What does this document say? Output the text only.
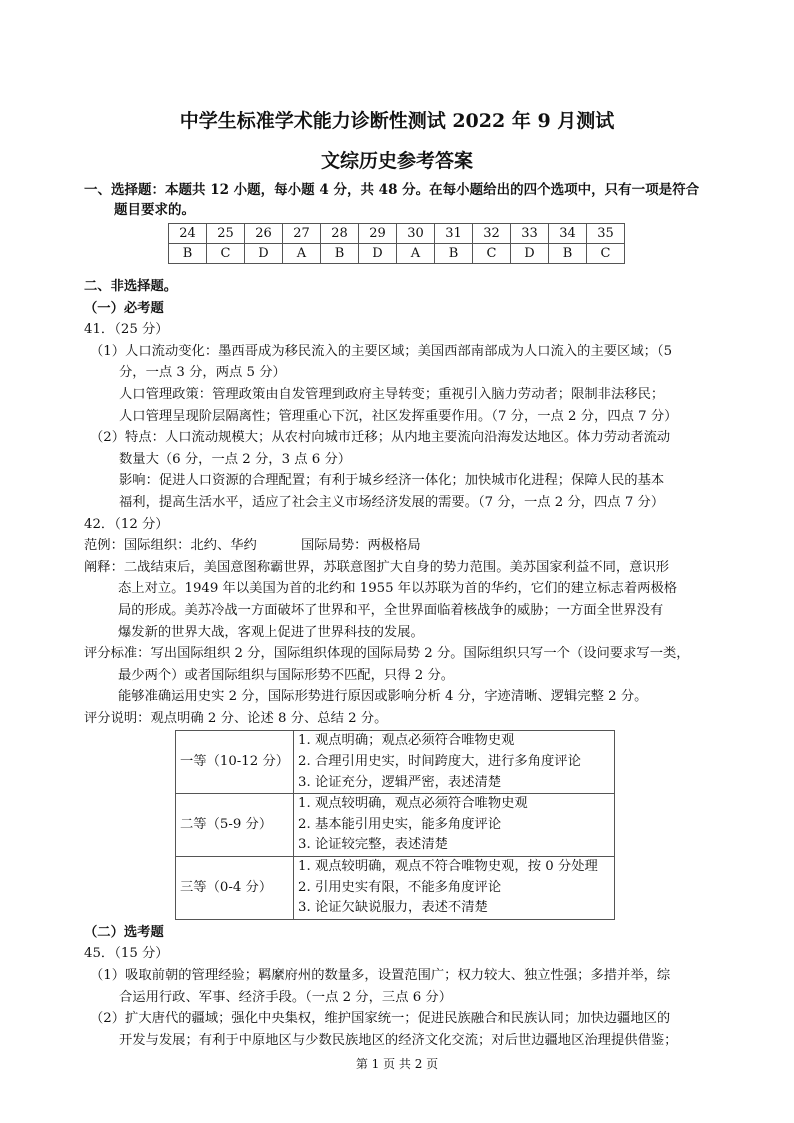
中学生标准学术能力诊断性测试 2022 年 9 月测试
文综历史参考答案
一、选择题：本题共 12 小题，每小题 4 分，共 48 分。在每小题给出的四个选项中，只有一项是符合
题目要求的。
24	25	26	27	28	29	30	31	32	33	34	35
B	C	D	A	B	D	A	B	C	D	B	C
二、非选择题。
（一）必考题
41．（25 分）
（1）人口流动变化：墨西哥成为移民流入的主要区域；美国西部南部成为人口流入的主要区域；（5
分，一点 3 分，两点 5 分）
人口管理政策：管理政策由自发管理到政府主导转变；重视引入脑力劳动者；限制非法移民；
人口管理呈现阶层隔离性；管理重心下沉，社区发挥重要作用。（7 分，一点 2 分，四点 7 分）
（2）特点：人口流动规模大；从农村向城市迁移；从内地主要流向沿海发达地区。体力劳动者流动
数量大（6 分，一点 2 分，3 点 6 分）
影响：促进人口资源的合理配置；有利于城乡经济一体化；加快城市化进程；保障人民的基本
福利，提高生活水平，适应了社会主义市场经济发展的需要。（7 分，一点 2 分，四点 7 分）
42．（12 分）
范例：国际组织：北约、华约	国际局势：两极格局
阐释：二战结束后，美国意图称霸世界，苏联意图扩大自身的势力范围。美苏国家利益不同，意识形
态上对立。1949 年以美国为首的北约和 1955 年以苏联为首的华约，它们的建立标志着两极格
局的形成。美苏冷战一方面破坏了世界和平，全世界面临着核战争的威胁；一方面全世界没有
爆发新的世界大战，客观上促进了世界科技的发展。
评分标准：写出国际组织 2 分，国际组织体现的国际局势 2 分。国际组织只写一个（设问要求写一类，
最少两个）或者国际组织与国际形势不匹配，只得 2 分。
能够准确运用史实 2 分，国际形势进行原因或影响分析 4 分，字迹清晰、逻辑完整 2 分。
评分说明：观点明确 2 分、论述 8 分、总结 2 分。
一等（10-12 分）	1. 观点明确；观点必须符合唯物史观
2. 合理引用史实，时间跨度大，进行多角度评论
3. 论证充分，逻辑严密，表述清楚

二等（5-9 分）	1. 观点较明确，观点必须符合唯物史观
2. 基本能引用史实，能多角度评论
3. 论证较完整，表述清楚

三等（0-4 分）	1. 观点较明确，观点不符合唯物史观，按 0 分处理
2. 引用史实有限，不能多角度评论
3. 论证欠缺说服力，表述不清楚
（二）选考题
45．（15 分）
（1）吸取前朝的管理经验；羁縻府州的数量多，设置范围广；权力较大、独立性强；多措并举，综
合运用行政、军事、经济手段。（一点 2 分，三点 6 分）
（2）扩大唐代的疆域；强化中央集权，维护国家统一；促进民族融合和民族认同；加快边疆地区的
开发与发展；有利于中原地区与少数民族地区的经济文化交流；对后世边疆地区治理提供借鉴；
第 1 页 共 2 页
